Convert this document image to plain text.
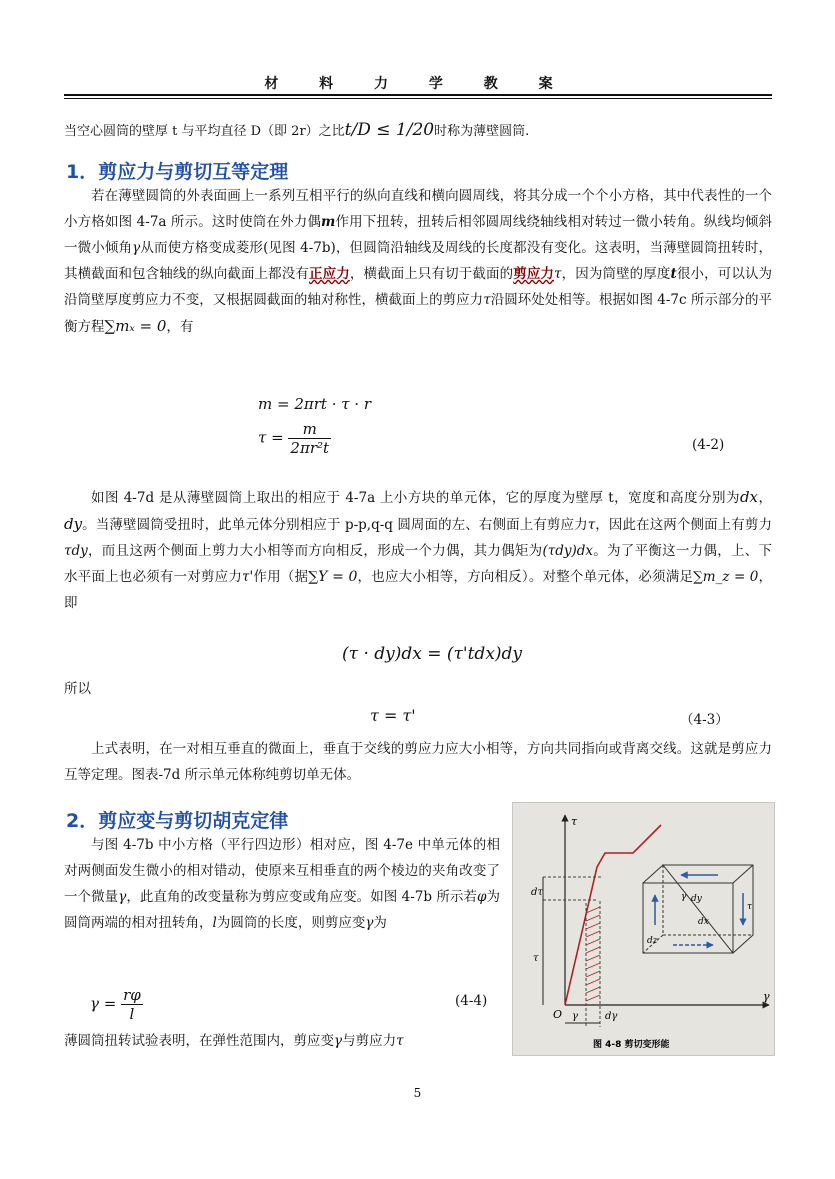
材 料 力 学 教 案
当空心圆筒的壁厚 t 与平均直径 D（即 2r）之比t/D ≤ 1/20时称为薄壁圆筒.
1．剪应力与剪切互等定理
若在薄壁圆筒的外表面画上一系列互相平行的纵向直线和横向圆周线，将其分成一个个小方格，其中代表性的一个小方格如图 4-7a 所示。这时使筒在外力偶m作用下扭转，扭转后相邻圆周线绕轴线相对转过一微小转角。纵线均倾斜一微小倾角γ从而使方格变成菱形(见图 4-7b)，但圆筒沿轴线及周线的长度都没有变化。这表明，当薄壁圆筒扭转时，其横截面和包含轴线的纵向截面上都没有正应力，横截面上只有切于截面的剪应力τ，因为筒壁的厚度t很小，可以认为沿筒壁厚度剪应力不变，又根据圆截面的轴对称性，横截面上的剪应力τ沿圆环处处相等。根据如图 4-7c 所示部分的平衡方程∑mₓ = 0，有
m = 2πrt · τ · r
$\tau = \frac{m}{\text{2πr²t}}$	(4-2)
如图 4-7d 是从薄壁圆筒上取出的相应于 4-7a 上小方块的单元体，它的厚度为壁厚 t，宽度和高度分别为dx，dy。当薄壁圆筒受扭时，此单元体分别相应于 p-p,q-q 圆周面的左、右侧面上有剪应力τ，因此在这两个侧面上有剪力τdy，而且这两个侧面上剪力大小相等而方向相反，形成一个力偶，其力偶矩为(τdy)dx。为了平衡这一力偶，上、下水平面上也必须有一对剪应力τ'作用（据∑Y = 0，也应大小相等，方向相反）。对整个单元体，必须满足∑m_z = 0，即
(τ · dy)dx = (τ'tdx)dy
所以
τ = τ'	（4-3）
上式表明，在一对相互垂直的微面上，垂直于交线的剪应力应大小相等，方向共同指向或背离交线。这就是剪应力互等定理。图表-7d 所示单元体称纯剪切单无体。
2．剪应变与剪切胡克定律
与图 4-7b 中小方格（平行四边形）相对应，图 4-7e 中单元体的相对两侧面发生微小的相对错动，使原来互相垂直的两个棱边的夹角改变了一个微量γ，此直角的改变量称为剪应变或角应变。如图 4-7b 所示若φ为圆筒两端的相对扭转角，l为圆筒的长度，则剪应变γ为
$\gamma = \frac{r\varphi}{l}$	(4-4)
薄圆筒扭转试验表明，在弹性范围内，剪应变γ与剪应力τ
τ
γ
O
dτ
τ
γ	dγ
dy
dx
dz
γ
τ
图 4-8 剪切变形能
5
